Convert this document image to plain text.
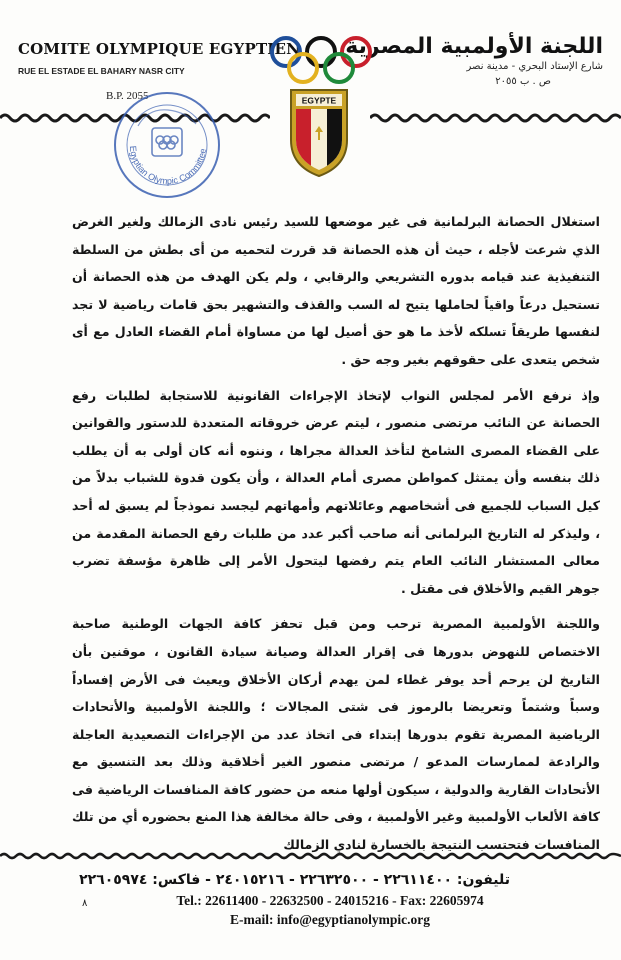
COMITE OLYMPIQUE EGYPTIEN
RUE EL ESTADE EL BAHARY NASR CITY
B.P. 2055
اللجنة الأولمبية المصرية
شارع الإستاد البحري - مدينة نصر
ص . ب ٢٠٥٥
EGYPTE
Egyptian Olympic Committee

استغلال الحصانة البرلمانية فى غير موضعها للسيد رئيس نادى الزمالك ولغير الغرض الذي شرعت لأجله ، حيث أن هذه الحصانة قد قررت لتحميه من أى بطش من السلطة التنفيذية عند قيامه بدوره التشريعي والرقابي ، ولم يكن الهدف من هذه الحصانة أن تستحيل درعاً واقياً لحاملها يتيح له السب والقذف والتشهير بحق قامات رياضية لا تجد لنفسها طريقاً تسلكه لأخذ ما هو حق أصيل لها من مساواة أمام القضاء العادل مع أى شخص يتعدى على حقوقهم بغير وجه حق .

وإذ نرفع الأمر لمجلس النواب لإتخاذ الإجراءات القانونية للاستجابة لطلبات رفع الحصانة عن النائب مرتضى منصور ، ليتم عرض خروقاته المتعددة للدستور والقوانين على القضاء المصرى الشامخ لتأخذ العدالة مجراها ، وننوه أنه كان أولى به أن يطلب ذلك بنفسه وأن يمتثل كمواطن مصرى أمام العدالة ، وأن يكون قدوة للشباب بدلاً من كيل السباب للجميع فى أشخاصهم وعائلاتهم وأمهاتهم ليجسد نموذجاً لم يسبق له أحد ، وليذكر له التاريخ البرلمانى أنه صاحب أكبر عدد من طلبات رفع الحصانة المقدمة من معالى المستشار النائب العام يتم رفضها ليتحول الأمر إلى ظاهرة مؤسفة تضرب جوهر القيم والأخلاق فى مقتل .

واللجنة الأولمبية المصرية ترحب ومن قبل تحفز كافة الجهات الوطنية صاحبة الاختصاص للنهوض بدورها فى إقرار العدالة وصيانة سيادة القانون ، موقنين بأن التاريخ لن يرحم أحد يوفر غطاء لمن يهدم أركان الأخلاق ويعيث فى الأرض إفساداً وسباً وشتماً وتعريضا بالرموز فى شتى المجالات ؛ واللجنة الأولمبية والأتحادات الرياضية المصرية تقوم بدورها إبتداء فى اتخاذ عدد من الإجراءات التصعيدية العاجلة والرادعة لممارسات المدعو / مرتضى منصور الغير أخلاقية وذلك بعد التنسيق مع الأتحادات القارية والدولية ، سيكون أولها منعه من حضور كافة المنافسات الرياضية فى كافة الألعاب الأولمبية وغير الأولمبية ، وفى حالة مخالفة هذا المنع بحضوره أي من تلك المنافسات فتحتسب النتيجة بالخسارة لنادي الزمالك

٨
تليفون: ٢٢٦١١٤٠٠ - ٢٢٦٣٢٥٠٠ - ٢٤٠١٥٢١٦ - فاكس: ٢٢٦٠٥٩٧٤
Tel.: 22611400 - 22632500 - 24015216 - Fax: 22605974
E-mail: info@egyptianolympic.org
